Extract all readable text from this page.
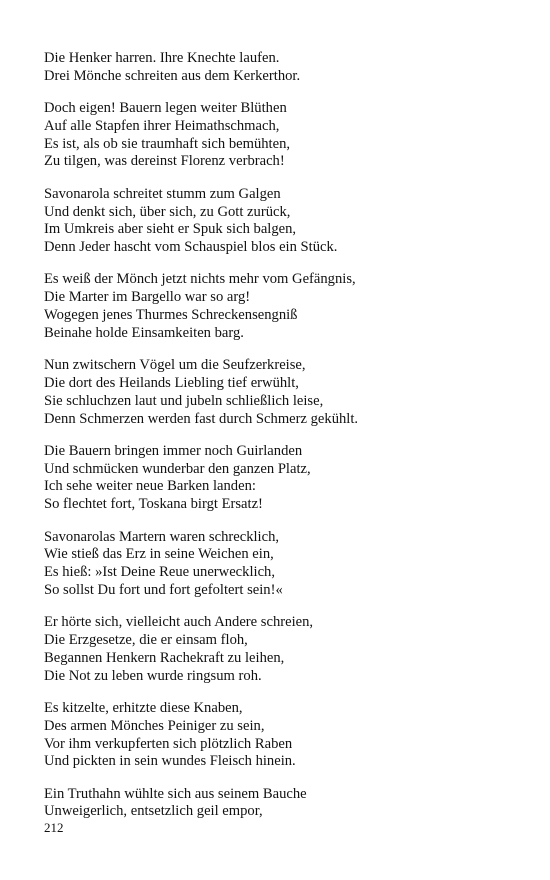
Die Henker harren. Ihre Knechte laufen.
Drei Mönche schreiten aus dem Kerkerthor.
Doch eigen! Bauern legen weiter Blüthen
Auf alle Stapfen ihrer Heimathschmach,
Es ist, als ob sie traumhaft sich bemühten,
Zu tilgen, was dereinst Florenz verbrach!
Savonarola schreitet stumm zum Galgen
Und denkt sich, über sich, zu Gott zurück,
Im Umkreis aber sieht er Spuk sich balgen,
Denn Jeder hascht vom Schauspiel blos ein Stück.
Es weiß der Mönch jetzt nichts mehr vom Gefängnis,
Die Marter im Bargello war so arg!
Wogegen jenes Thurmes Schreckensengniß
Beinahe holde Einsamkeiten barg.
Nun zwitschern Vögel um die Seufzerkreise,
Die dort des Heilands Liebling tief erwühlt,
Sie schluchzen laut und jubeln schließlich leise,
Denn Schmerzen werden fast durch Schmerz gekühlt.
Die Bauern bringen immer noch Guirlanden
Und schmücken wunderbar den ganzen Platz,
Ich sehe weiter neue Barken landen:
So flechtet fort, Toskana birgt Ersatz!
Savonarolas Martern waren schrecklich,
Wie stieß das Erz in seine Weichen ein,
Es hieß: »Ist Deine Reue unerwecklich,
So sollst Du fort und fort gefoltert sein!«
Er hörte sich, vielleicht auch Andere schreien,
Die Erzgesetze, die er einsam floh,
Begannen Henkern Rachekraft zu leihen,
Die Not zu leben wurde ringsum roh.
Es kitzelte, erhitzte diese Knaben,
Des armen Mönches Peiniger zu sein,
Vor ihm verkupferten sich plötzlich Raben
Und pickten in sein wundes Fleisch hinein.
Ein Truthahn wühlte sich aus seinem Bauche
Unweigerlich, entsetzlich geil empor,
212
